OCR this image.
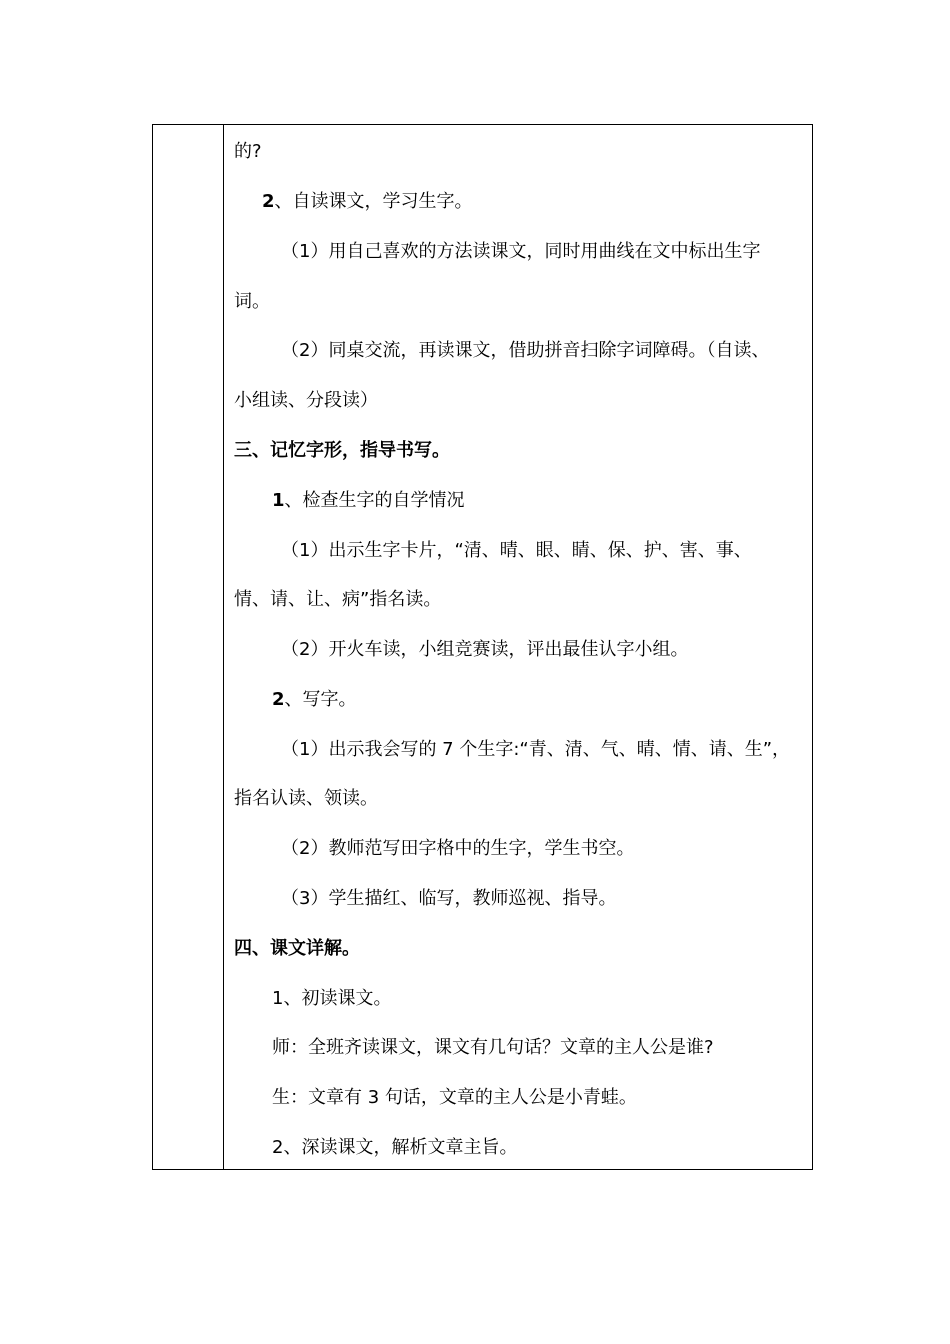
的?
2、自读课文，学习生字。
（1）用自己喜欢的方法读课文，同时用曲线在文中标出生字
词。
（2）同桌交流，再读课文，借助拼音扫除字词障碍。（自读、
小组读、分段读）
三、记忆字形，指导书写。
1、检查生字的自学情况
（1）出示生字卡片，“清、晴、眼、睛、保、护、害、事、
情、请、让、病”指名读。
（2）开火车读，小组竞赛读，评出最佳认字小组。
2、写字。
（1）出示我会写的 7 个生字:“青、清、气、晴、情、请、生”，
指名认读、领读。
（2）教师范写田字格中的生字，学生书空。
（3）学生描红、临写，教师巡视、指导。
四、课文详解。
1、初读课文。
师：全班齐读课文，课文有几句话？文章的主人公是谁?
生：文章有 3 句话，文章的主人公是小青蛙。
2、深读课文，解析文章主旨。
